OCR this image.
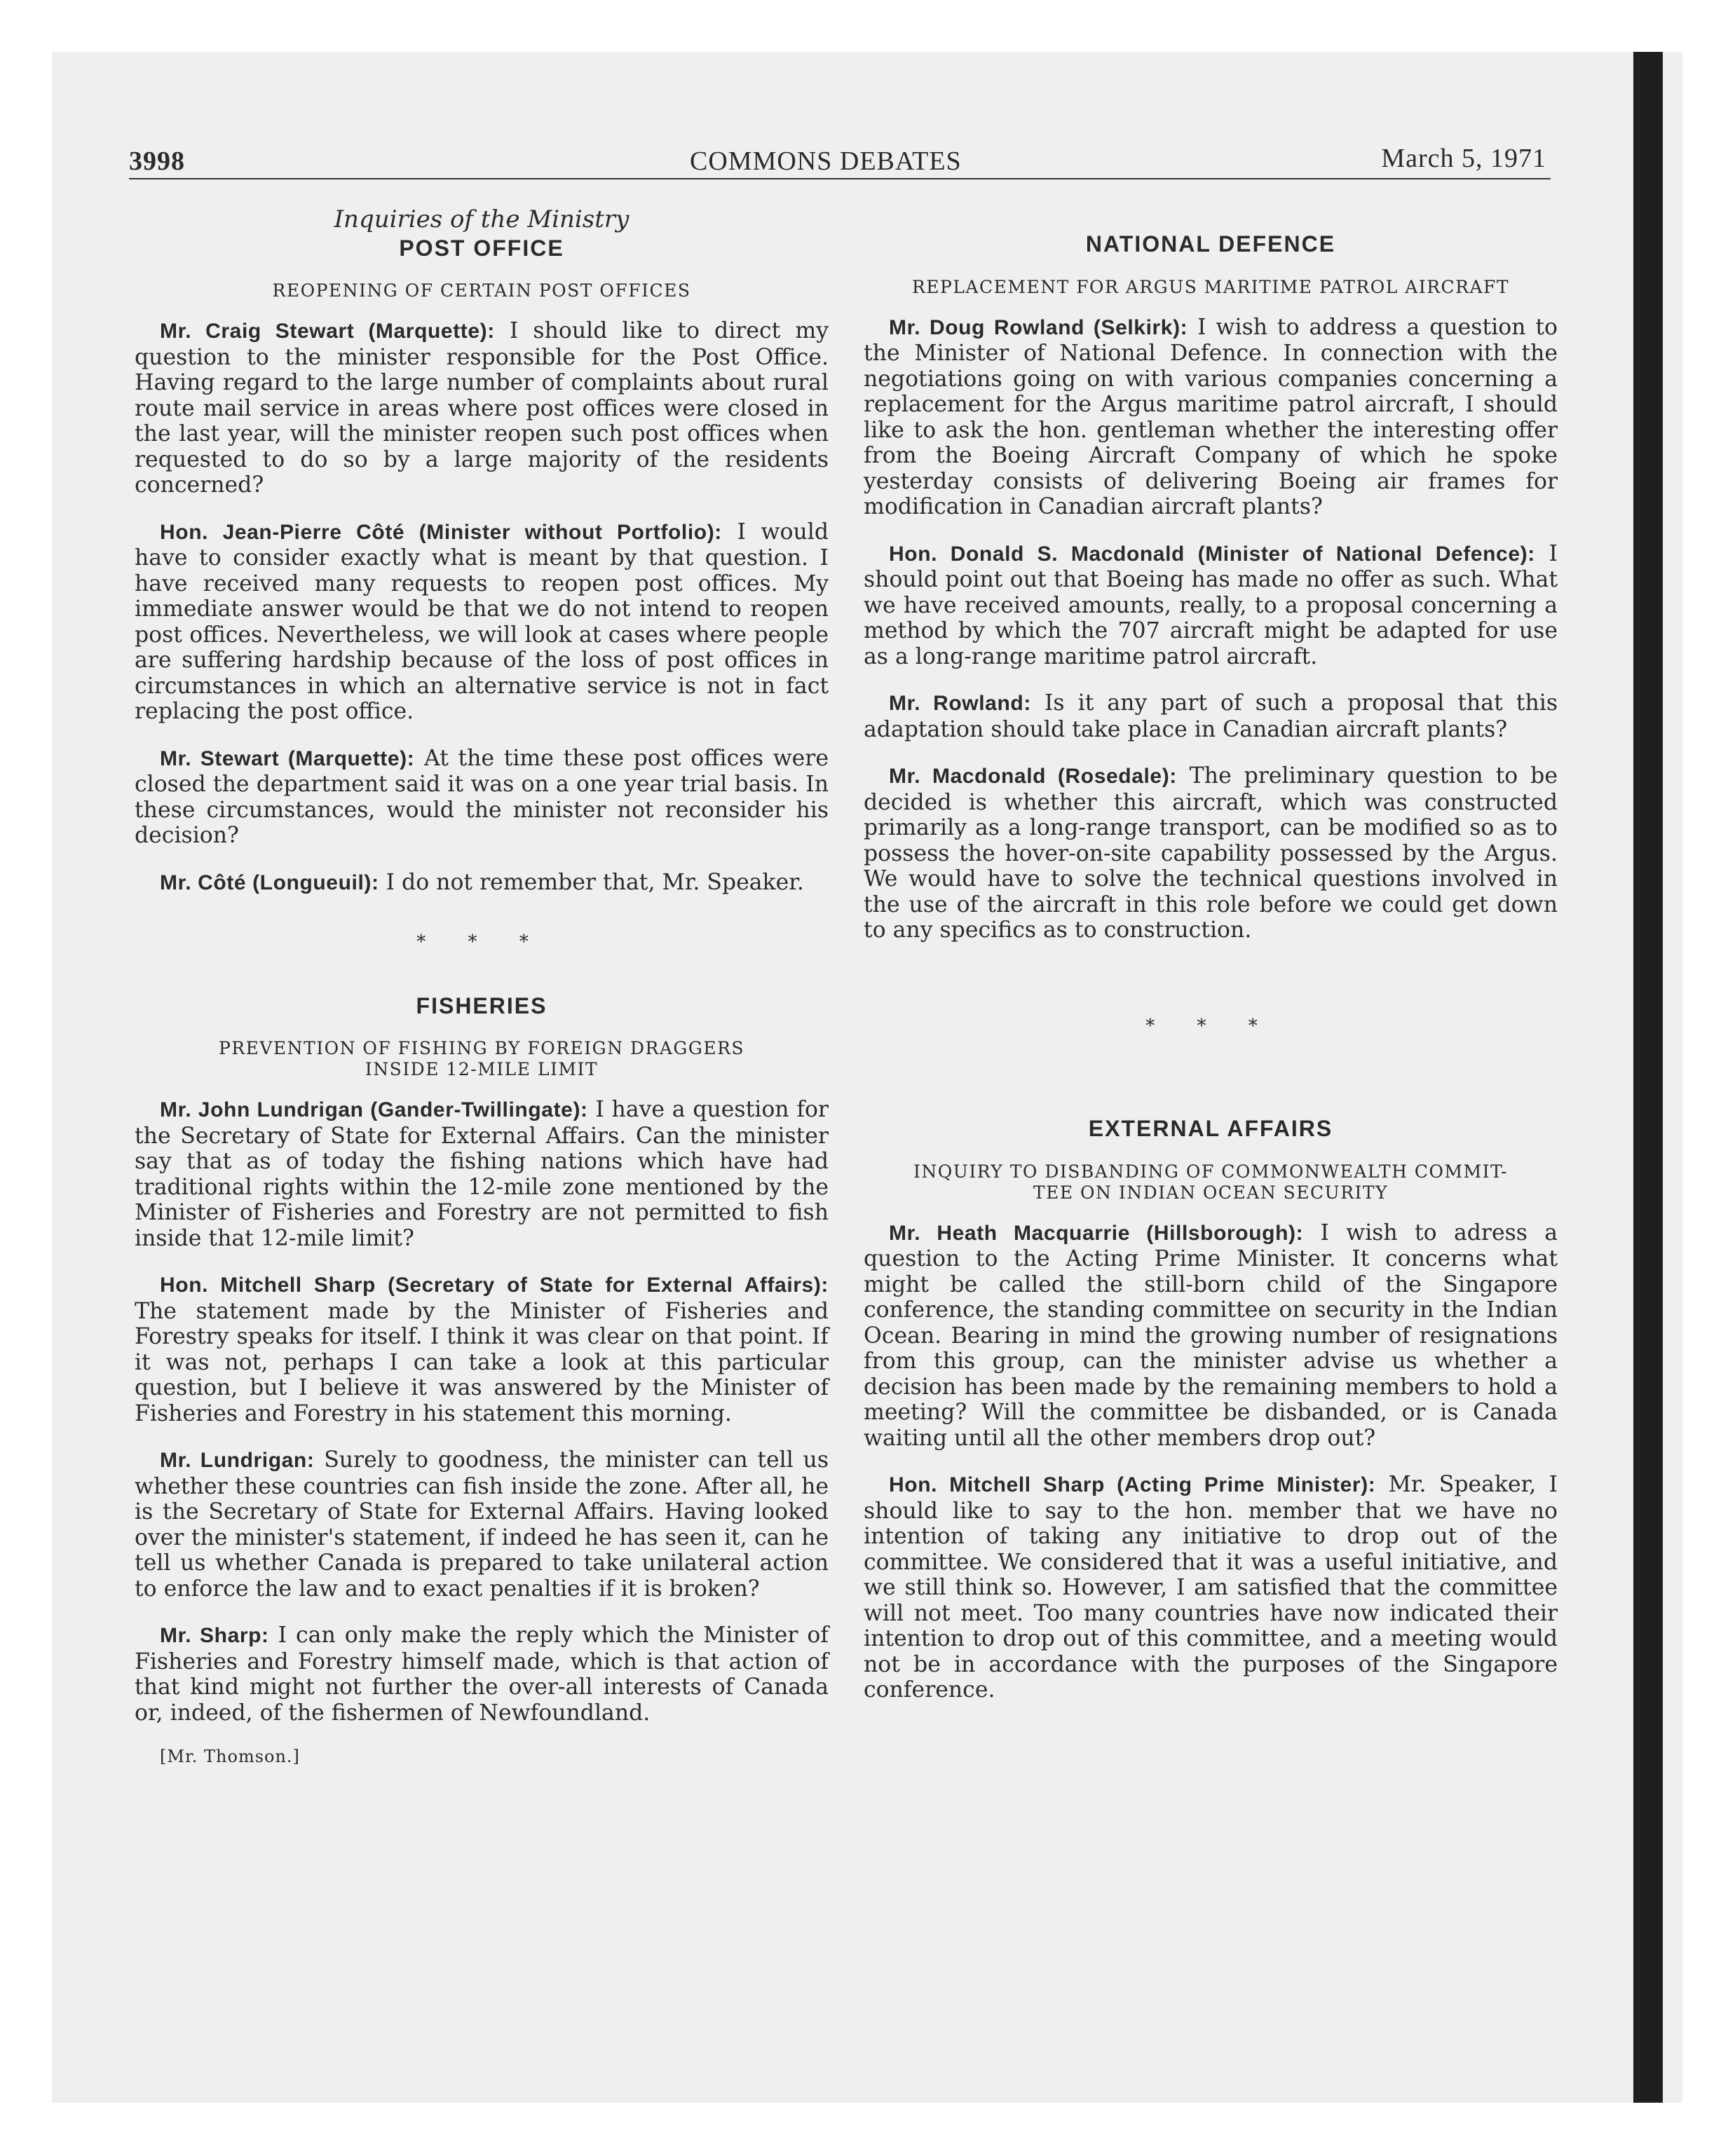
3998	COMMONS DEBATES	March 5, 1971
Inquiries of the Ministry
POST OFFICE
REOPENING OF CERTAIN POST OFFICES

Mr. Craig Stewart (Marquette): I should like to direct my question to the minister responsible for the Post Office. Having regard to the large number of complaints about rural route mail service in areas where post offices were closed in the last year, will the minister reopen such post offices when requested to do so by a large majority of the residents concerned?

Hon. Jean-Pierre Côté (Minister without Portfolio): I would have to consider exactly what is meant by that question. I have received many requests to reopen post offices. My immediate answer would be that we do not intend to reopen post offices. Nevertheless, we will look at cases where people are suffering hardship because of the loss of post offices in circumstances in which an alternative service is not in fact replacing the post office.

Mr. Stewart (Marquette): At the time these post offices were closed the department said it was on a one year trial basis. In these circumstances, would the minister not reconsider his decision?

Mr. Côté (Longueuil): I do not remember that, Mr. Speaker.

* * *
FISHERIES
PREVENTION OF FISHING BY FOREIGN DRAGGERS
INSIDE 12-MILE LIMIT

Mr. John Lundrigan (Gander-Twillingate): I have a question for the Secretary of State for External Affairs. Can the minister say that as of today the fishing nations which have had traditional rights within the 12-mile zone mentioned by the Minister of Fisheries and Forestry are not permitted to fish inside that 12-mile limit?

Hon. Mitchell Sharp (Secretary of State for External Affairs): The statement made by the Minister of Fisheries and Forestry speaks for itself. I think it was clear on that point. If it was not, perhaps I can take a look at this particular question, but I believe it was answered by the Minister of Fisheries and Forestry in his statement this morning.

Mr. Lundrigan: Surely to goodness, the minister can tell us whether these countries can fish inside the zone. After all, he is the Secretary of State for External Affairs. Having looked over the minister's statement, if indeed he has seen it, can he tell us whether Canada is prepared to take unilateral action to enforce the law and to exact penalties if it is broken?

Mr. Sharp: I can only make the reply which the Minister of Fisheries and Forestry himself made, which is that action of that kind might not further the over-all interests of Canada or, indeed, of the fishermen of Newfoundland.

[Mr. Thomson.]
NATIONAL DEFENCE
REPLACEMENT FOR ARGUS MARITIME PATROL AIRCRAFT

Mr. Doug Rowland (Selkirk): I wish to address a question to the Minister of National Defence. In connection with the negotiations going on with various companies concerning a replacement for the Argus maritime patrol aircraft, I should like to ask the hon. gentleman whether the interesting offer from the Boeing Aircraft Company of which he spoke yesterday consists of delivering Boeing air frames for modification in Canadian aircraft plants?

Hon. Donald S. Macdonald (Minister of National Defence): I should point out that Boeing has made no offer as such. What we have received amounts, really, to a proposal concerning a method by which the 707 aircraft might be adapted for use as a long-range maritime patrol aircraft.

Mr. Rowland: Is it any part of such a proposal that this adaptation should take place in Canadian aircraft plants?

Mr. Macdonald (Rosedale): The preliminary question to be decided is whether this aircraft, which was constructed primarily as a long-range transport, can be modified so as to possess the hover-on-site capability possessed by the Argus. We would have to solve the technical questions involved in the use of the aircraft in this role before we could get down to any specifics as to construction.

* * *
EXTERNAL AFFAIRS
INQUIRY TO DISBANDING OF COMMONWEALTH COMMIT-
TEE ON INDIAN OCEAN SECURITY

Mr. Heath Macquarrie (Hillsborough): I wish to adress a question to the Acting Prime Minister. It concerns what might be called the still-born child of the Singapore conference, the standing committee on security in the Indian Ocean. Bearing in mind the growing number of resignations from this group, can the minister advise us whether a decision has been made by the remaining members to hold a meeting? Will the committee be disbanded, or is Canada waiting until all the other members drop out?

Hon. Mitchell Sharp (Acting Prime Minister): Mr. Speaker, I should like to say to the hon. member that we have no intention of taking any initiative to drop out of the committee. We considered that it was a useful initiative, and we still think so. However, I am satisfied that the committee will not meet. Too many countries have now indicated their intention to drop out of this committee, and a meeting would not be in accordance with the purposes of the Singapore conference.
